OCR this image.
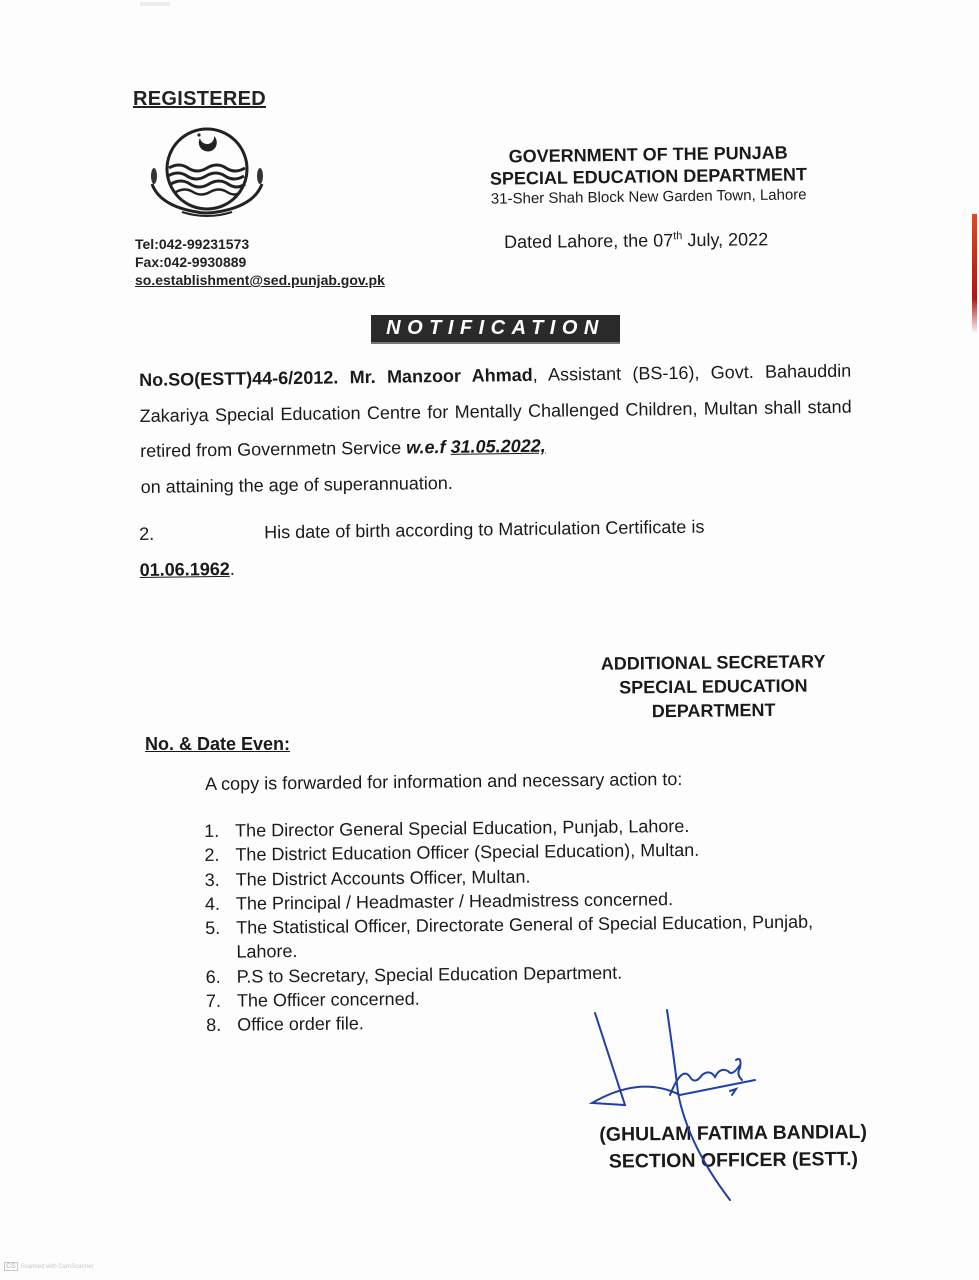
REGISTERED
Tel:042-99231573
Fax:042-9930889
so.establishment@sed.punjab.gov.pk
GOVERNMENT OF THE PUNJAB
SPECIAL EDUCATION DEPARTMENT
31-Sher Shah Block New Garden Town, Lahore
Dated Lahore, the 07th July, 2022
NOTIFICATION
No.SO(ESTT)44-6/2012. Mr. Manzoor Ahmad, Assistant (BS-16), Govt. Bahauddin Zakariya Special Education Centre for Mentally Challenged Children, Multan shall stand retired from Governmetn Service w.e.f 31.05.2022,
on attaining the age of superannuation.
2.	His date of birth according to Matriculation Certificate is
01.06.1962.
ADDITIONAL SECRETARY
SPECIAL EDUCATION
DEPARTMENT
No. & Date Even:
A copy is forwarded for information and necessary action to:
1. The Director General Special Education, Punjab, Lahore.
2. The District Education Officer (Special Education), Multan.
3. The District Accounts Officer, Multan.
4. The Principal / Headmaster / Headmistress concerned.
5. The Statistical Officer, Directorate General of Special Education, Punjab, Lahore.
6. P.S to Secretary, Special Education Department.
7. The Officer concerned.
8. Office order file.
(GHULAM FATIMA BANDIAL)
SECTION OFFICER (ESTT.)
CS Scanned with CamScanner
